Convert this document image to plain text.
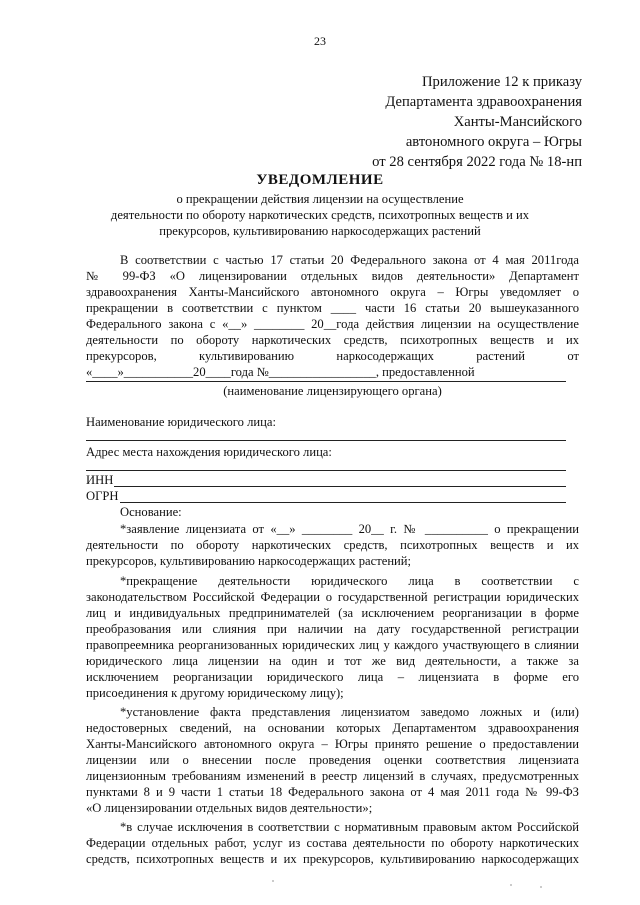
23
Приложение 12 к приказу
Департамента здравоохранения
Ханты-Мансийского
автономного округа – Югры
от 28 сентября 2022 года № 18-нп
УВЕДОМЛЕНИЕ
о прекращении действия лицензии на осуществление
деятельности по обороту наркотических средств, психотропных веществ и их
прекурсоров, культивированию наркосодержащих растений
В соответствии с частью 17 статьи 20 Федерального закона от 4 мая 2011года
№ 99-ФЗ «О лицензировании отдельных видов деятельности» Департамент
здравоохранения Ханты-Мансийского автономного округа – Югры уведомляет о
прекращении в соответствии с пунктом ____ части 16 статьи 20 вышеуказанного
Федерального закона с «__» ________ 20__года действия лицензии на осуществление
деятельности по обороту наркотических средств, психотропных веществ и их
прекурсоров, культивированию наркосодержащих растений от
«____»___________20____года №_________________, предоставленной
(наименование лицензирующего органа)
Наименование юридического лица:
Адрес места нахождения юридического лица:
ИНН
ОГРН
Основание:
*заявление лицензиата от «__» ________ 20__ г. № __________ о прекращении
деятельности по обороту наркотических средств, психотропных веществ и их
прекурсоров, культивированию наркосодержащих растений;
*прекращение деятельности юридического лица в соответствии с
законодательством Российской Федерации о государственной регистрации юридических
лиц и индивидуальных предпринимателей (за исключением реорганизации в форме
преобразования или слияния при наличии на дату государственной регистрации
правопреемника реорганизованных юридических лиц у каждого участвующего в слиянии
юридического лица лицензии на один и тот же вид деятельности, а также за
исключением реорганизации юридического лица – лицензиата в форме его
присоединения к другому юридическому лицу);
*установление факта представления лицензиатом заведомо ложных и (или)
недостоверных сведений, на основании которых Департаментом здравоохранения
Ханты-Мансийского автономного округа – Югры принято решение о предоставлении
лицензии или о внесении после проведения оценки соответствия лицензиата
лицензионным требованиям изменений в реестр лицензий в случаях, предусмотренных
пунктами 8 и 9 части 1 статьи 18 Федерального закона от 4 мая 2011 года № 99-ФЗ
«О лицензировании отдельных видов деятельности»;
*в случае исключения в соответствии с нормативным правовым актом Российской
Федерации отдельных работ, услуг из состава деятельности по обороту наркотических
средств, психотропных веществ и их прекурсоров, культивированию наркосодержащих
